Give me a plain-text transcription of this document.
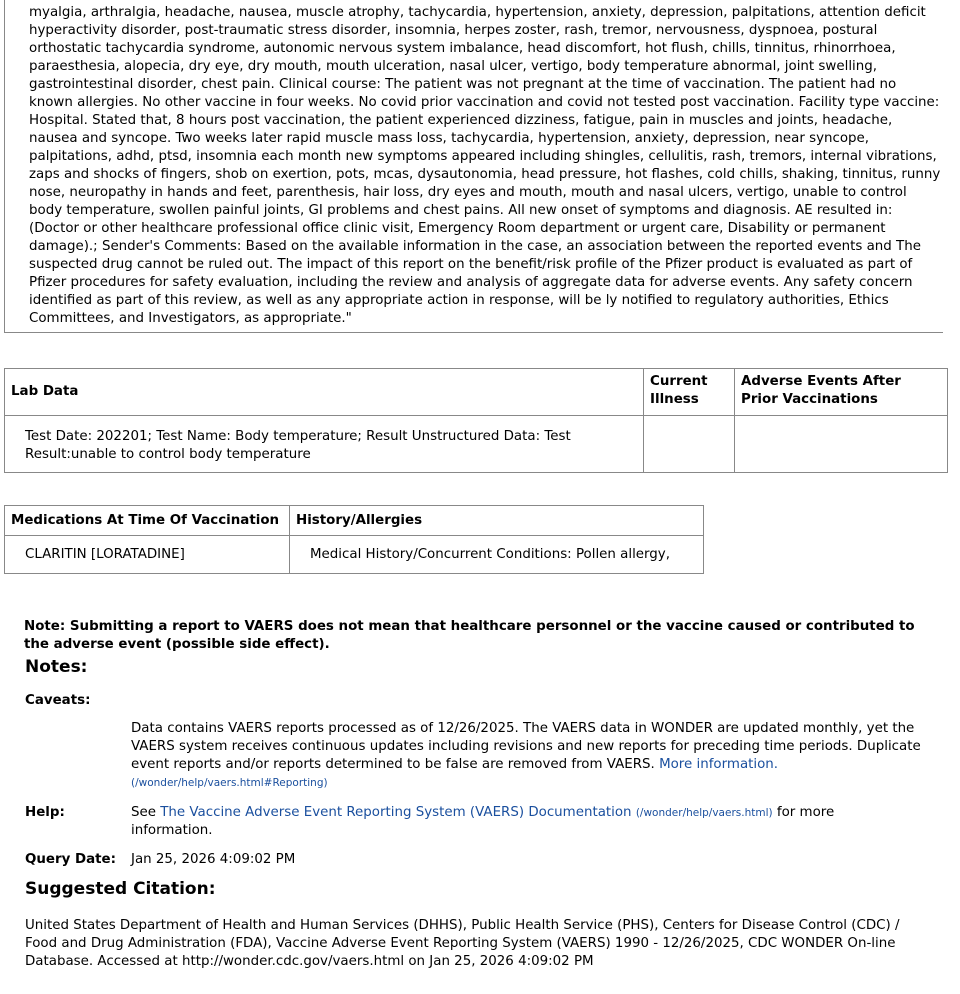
myalgia, arthralgia, headache, nausea, muscle atrophy, tachycardia, hypertension, anxiety, depression, palpitations, attention deficit hyperactivity disorder, post-traumatic stress disorder, insomnia, herpes zoster, rash, tremor, nervousness, dyspnoea, postural orthostatic tachycardia syndrome, autonomic nervous system imbalance, head discomfort, hot flush, chills, tinnitus, rhinorrhoea, paraesthesia, alopecia, dry eye, dry mouth, mouth ulceration, nasal ulcer, vertigo, body temperature abnormal, joint swelling, gastrointestinal disorder, chest pain. Clinical course: The patient was not pregnant at the time of vaccination. The patient had no known allergies. No other vaccine in four weeks. No covid prior vaccination and covid not tested post vaccination. Facility type vaccine: Hospital. Stated that, 8 hours post vaccination, the patient experienced dizziness, fatigue, pain in muscles and joints, headache, nausea and syncope. Two weeks later rapid muscle mass loss, tachycardia, hypertension, anxiety, depression, near syncope, palpitations, adhd, ptsd, insomnia each month new symptoms appeared including shingles, cellulitis, rash, tremors, internal vibrations, zaps and shocks of fingers, shob on exertion, pots, mcas, dysautonomia, head pressure, hot flashes, cold chills, shaking, tinnitus, runny nose, neuropathy in hands and feet, parenthesis, hair loss, dry eyes and mouth, mouth and nasal ulcers, vertigo, unable to control body temperature, swollen painful joints, GI problems and chest pains. All new onset of symptoms and diagnosis. AE resulted in: (Doctor or other healthcare professional office clinic visit, Emergency Room department or urgent care, Disability or permanent damage).; Sender's Comments: Based on the available information in the case, an association between the reported events and The suspected drug cannot be ruled out. The impact of this report on the benefit/risk profile of the Pfizer product is evaluated as part of Pfizer procedures for safety evaluation, including the review and analysis of aggregate data for adverse events. Any safety concern identified as part of this review, as well as any appropriate action in response, will be ly notified to regulatory authorities, Ethics Committees, and Investigators, as appropriate."
Lab Data	Current Illness	Adverse Events After Prior Vaccinations
Test Date: 202201; Test Name: Body temperature; Result Unstructured Data: Test Result:unable to control body temperature		
Medications At Time Of Vaccination	History/Allergies
CLARITIN [LORATADINE]	Medical History/Concurrent Conditions: Pollen allergy,
Note: Submitting a report to VAERS does not mean that healthcare personnel or the vaccine caused or contributed to the adverse event (possible side effect).
Notes:
Caveats:
Data contains VAERS reports processed as of 12/26/2025. The VAERS data in WONDER are updated monthly, yet the VAERS system receives continuous updates including revisions and new reports for preceding time periods. Duplicate event reports and/or reports determined to be false are removed from VAERS. More information.
(/wonder/help/vaers.html#Reporting)
Help:	See The Vaccine Adverse Event Reporting System (VAERS) Documentation (/wonder/help/vaers.html) for more information.
Query Date: Jan 25, 2026 4:09:02 PM
Suggested Citation:
United States Department of Health and Human Services (DHHS), Public Health Service (PHS), Centers for Disease Control (CDC) / Food and Drug Administration (FDA), Vaccine Adverse Event Reporting System (VAERS) 1990 - 12/26/2025, CDC WONDER On-line Database. Accessed at http://wonder.cdc.gov/vaers.html on Jan 25, 2026 4:09:02 PM
